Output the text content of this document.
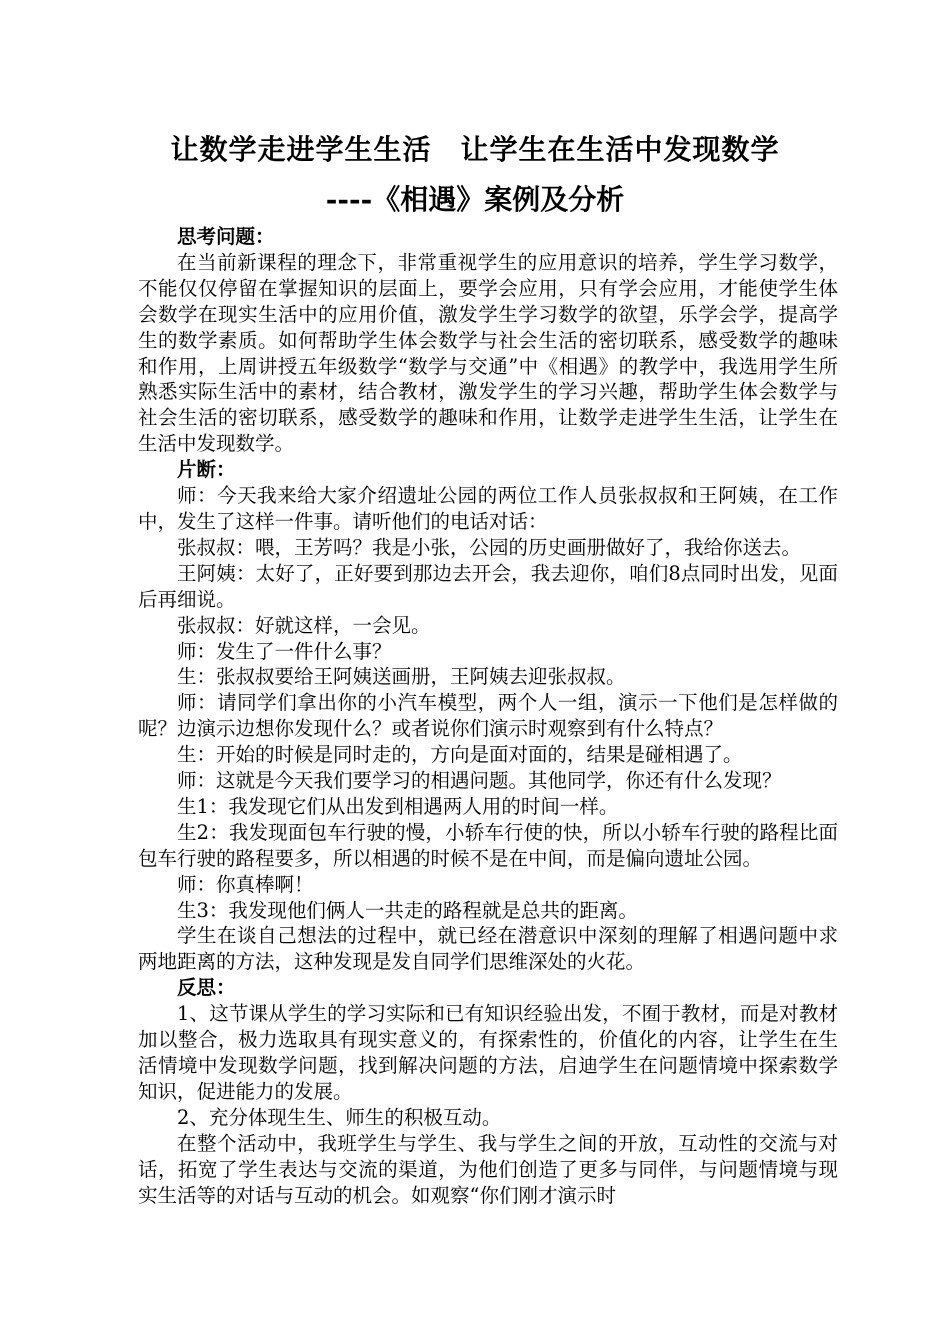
让数学走进学生生活　让学生在生活中发现数学
----《相遇》案例及分析

思考问题：

在当前新课程的理念下，非常重视学生的应用意识的培养，学生学习数学，不能仅仅停留在掌握知识的层面上，要学会应用，只有学会应用，才能使学生体会数学在现实生活中的应用价值，激发学生学习数学的欲望，乐学会学，提高学生的数学素质。如何帮助学生体会数学与社会生活的密切联系，感受数学的趣味和作用，上周讲授五年级数学“数学与交通”中《相遇》的教学中，我选用学生所熟悉实际生活中的素材，结合教材，激发学生的学习兴趣，帮助学生体会数学与社会生活的密切联系，感受数学的趣味和作用，让数学走进学生生活，让学生在生活中发现数学。

片断：

师：今天我来给大家介绍遗址公园的两位工作人员张叔叔和王阿姨，在工作中，发生了这样一件事。请听他们的电话对话：

张叔叔：喂，王芳吗？我是小张，公园的历史画册做好了，我给你送去。

王阿姨：太好了，正好要到那边去开会，我去迎你，咱们8点同时出发，见面后再细说。

张叔叔：好就这样，一会见。

师：发生了一件什么事？

生：张叔叔要给王阿姨送画册，王阿姨去迎张叔叔。

师：请同学们拿出你的小汽车模型，两个人一组，演示一下他们是怎样做的呢？边演示边想你发现什么？或者说你们演示时观察到有什么特点？

生：开始的时候是同时走的，方向是面对面的，结果是碰相遇了。

师：这就是今天我们要学习的相遇问题。其他同学，你还有什么发现？

生1：我发现它们从出发到相遇两人用的时间一样。

生2：我发现面包车行驶的慢，小轿车行使的快，所以小轿车行驶的路程比面包车行驶的路程要多，所以相遇的时候不是在中间，而是偏向遗址公园。

师：你真棒啊！

生3：我发现他们俩人一共走的路程就是总共的距离。

学生在谈自己想法的过程中，就已经在潜意识中深刻的理解了相遇问题中求两地距离的方法，这种发现是发自同学们思维深处的火花。

反思：

1、这节课从学生的学习实际和已有知识经验出发，不囿于教材，而是对教材加以整合，极力选取具有现实意义的，有探索性的，价值化的内容，让学生在生活情境中发现数学问题，找到解决问题的方法，启迪学生在问题情境中探索数学知识，促进能力的发展。

2、充分体现生生、师生的积极互动。

在整个活动中，我班学生与学生、我与学生之间的开放，互动性的交流与对话，拓宽了学生表达与交流的渠道，为他们创造了更多与同伴，与问题情境与现实生活等的对话与互动的机会。如观察“你们刚才演示时
